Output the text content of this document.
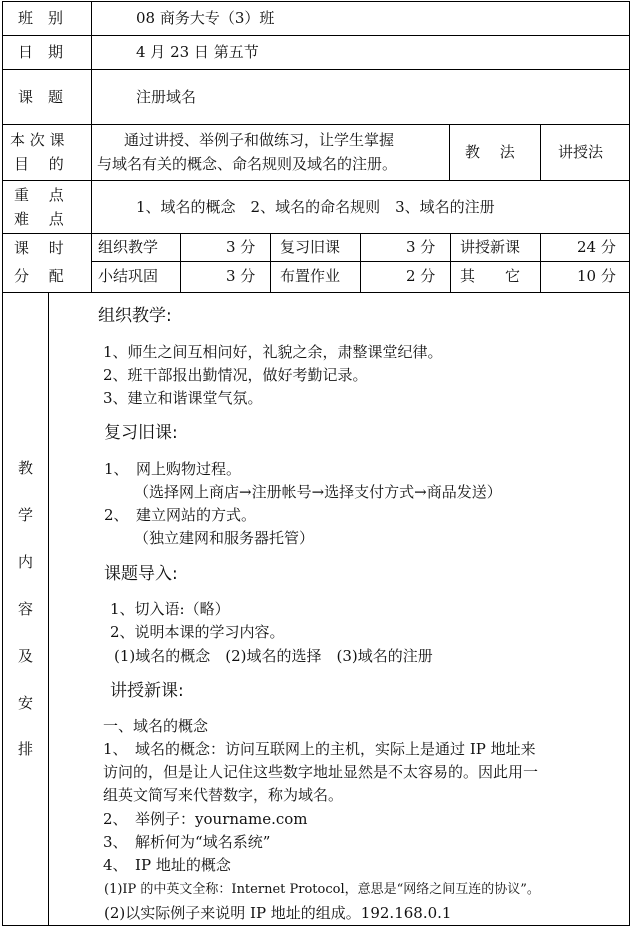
班　别	08 商务大专（3）班
日　期	4 月 23 日 第五节
课　题	注册域名
本 次 课
目　 的
通过讲授、举例子和做练习，让学生掌握
与域名有关的概念、命名规则及域名的注册。
教　 法	讲授法
重　 点
难　 点
1、域名的概念　2、域名的命名规则　3、域名的注册
课　 时
分　 配
组织教学	3 分 复习旧课	3 分 讲授新课	24 分
小结巩固	3 分 布置作业	2 分 其　　它	10 分
教
学
内
容
及
安
排
组织教学:
1、师生之间互相问好，礼貌之余，肃整课堂纪律。
2、班干部报出勤情况，做好考勤记录。
3、建立和谐课堂气氛。
复习旧课:
1、　网上购物过程。
（选择网上商店→注册帐号→选择支付方式→商品发送）
2、　建立网站的方式。
（独立建网和服务器托管）
课题导入:
1、切入语:（略）
2、说明本课的学习内容。
(1)域名的概念　(2)域名的选择　(3)域名的注册
讲授新课:
一、域名的概念
1、　域名的概念：访问互联网上的主机，实际上是通过 IP 地址来
访问的，但是让人记住这些数字地址显然是不太容易的。因此用一
组英文简写来代替数字，称为域名。
2、　举例子：yourname.com
3、　解析何为“域名系统”
4、　IP 地址的概念
(1)IP 的中英文全称：Internet Protocol，意思是“网络之间互连的协议”。
(2)以实际例子来说明 IP 地址的组成。192.168.0.1
